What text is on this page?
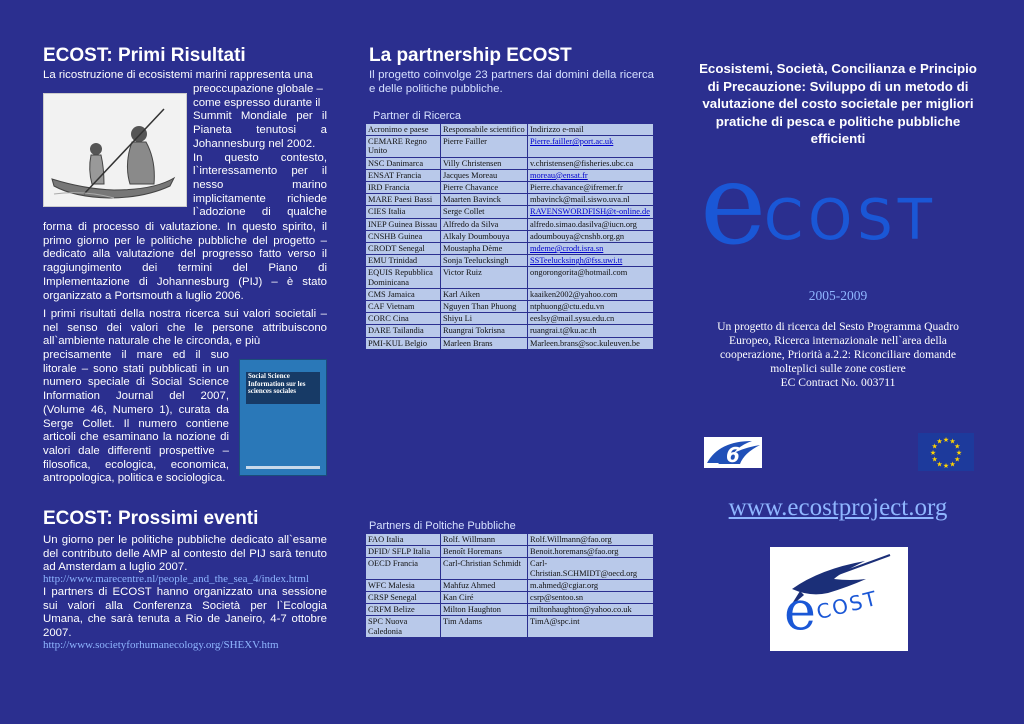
ECOST: Primi Risultati

La ricostruzione di ecosistemi marini rappresenta una

preoccupazione globale –
come espresso durante il
Summit Mondiale per il
Pianeta tenutosi a
Johannesburg nel 2002.
In questo contesto,
l`interessamento per il
nesso marino
implicitamente richiede
l`adozione di qualche

forma di processo di valutazione. In questo spirito, il primo giorno per le politiche pubbliche del progetto – dedicato alla valutazione del progresso fatto verso il raggiungimento dei termini del Piano di Implementazione di Johannesburg (PIJ) – è stato organizzato a Portsmouth a luglio 2006.

I primi risultati della nostra ricerca sui valori societali – nel senso dei valori che le persone attribuiscono all`ambiente naturale che le circonda, e più

precisamente il mare ed il suo
litorale – sono stati pubblicati in un
numero speciale di Social Science
Information Journal del 2007,
(Volume 46, Numero 1), curata da
Serge Collet. Il numero contiene
articoli che esaminano la nozione di
valori dale differenti prospettive –
filosofica, ecologica, economica,
antropologica, politica e sociologica.
Social Science Information sur les sciences sociales
ECOST: Prossimi eventi

Un giorno per le politiche pubbliche dedicato all`esame del contributo delle AMP al contesto del PIJ sarà tenuto ad Amsterdam a luglio 2007.

http://www.marecentre.nl/people_and_the_sea_4/index.html

I partners di ECOST hanno organizzato una sessione sui valori alla Conferenza Società per l`Ecologia Umana, che sarà tenuta a Rio de Janeiro, 4-7 ottobre 2007.

http://www.societyforhumanecology.org/SHEXV.htm
La partnership ECOST

Il progetto coinvolge 23 partners dai domini della ricerca e delle politiche pubbliche.

Partner di Ricerca
Acronimo e paese	Responsabile scientifico	Indirizzo e-mail
CEMARE Regno Unito	Pierre Failler	Pierre.failler@port.ac.uk
NSC Danimarca	Villy Christensen	v.christensen@fisheries.ubc.ca
ENSAT Francia	Jacques Moreau	moreau@ensat.fr
IRD Francia	Pierre Chavance	Pierre.chavance@ifremer.fr
MARE Paesi Bassi	Maarten Bavinck	mbavinck@mail.siswo.uva.nl
CIES Italia	Serge Collet	RAVENSWORDFISH@t-online.de
INEP Guinea Bissau	Alfredo da Silva	alfredo.simao.dasilva@iucn.org
CNSHB Guinea	Alkaly Doumbouya	adoumbouya@cnshb.org.gn
CRODT Senegal	Moustapha Dème	mdeme@crodt.isra.sn
EMU Trinidad	Sonja Teelucksingh	SSTeelucksingh@fss.uwi.tt
EQUIS Repubblica Dominicana	Victor Ruiz	ongorongorita@hotmail.com
CMS Jamaica	Karl Aiken	kaaiken2002@yahoo.com
CAF Vietnam	Nguyen Than Phuong	ntphuong@ctu.edu.vn
CORC Cina	Shiyu Li	eeslsy@mail.sysu.edu.cn
DARE Tailandia	Ruangrai Tokrisna	ruangrai.t@ku.ac.th
PMI-KUL Belgio	Marleen Brans	Marleen.brans@soc.kuleuven.be
Partners di Poltiche Pubbliche
FAO Italia	Rolf. Willmann	Rolf.Willmann@fao.org
DFID/ SFLP Italia	Benoît Horemans	Benoit.horemans@fao.org
OECD Francia	Carl-Christian Schmidt	Carl-Christian.SCHMIDT@oecd.org
WFC Malesia	Mahfuz Ahmed	m.ahmed@cgiar.org
CRSP Senegal	Kan Ciré	csrp@sentoo.sn
CRFM Belize	Milton Haughton	miltonhaughton@yahoo.co.uk
SPC Nuova Caledonia	Tim Adams	TimA@spc.int
Ecosistemi, Società, Concilianza e Principio di Precauzione: Sviluppo di un metodo di valutazione del costo societale per migliori pratiche di pesca e politiche pubbliche efficienti
e
COST
2005-2009
Un progetto di ricerca del Sesto Programma Quadro Europeo, Ricerca internazionale nell`area della cooperazione, Priorità a.2.2: Riconciliare domande molteplici sulle zone costiere
EC Contract No. 003711
6
★ ★
★
★
★
★
★
★
★
★
★
★
www.ecostproject.org
e
COST
